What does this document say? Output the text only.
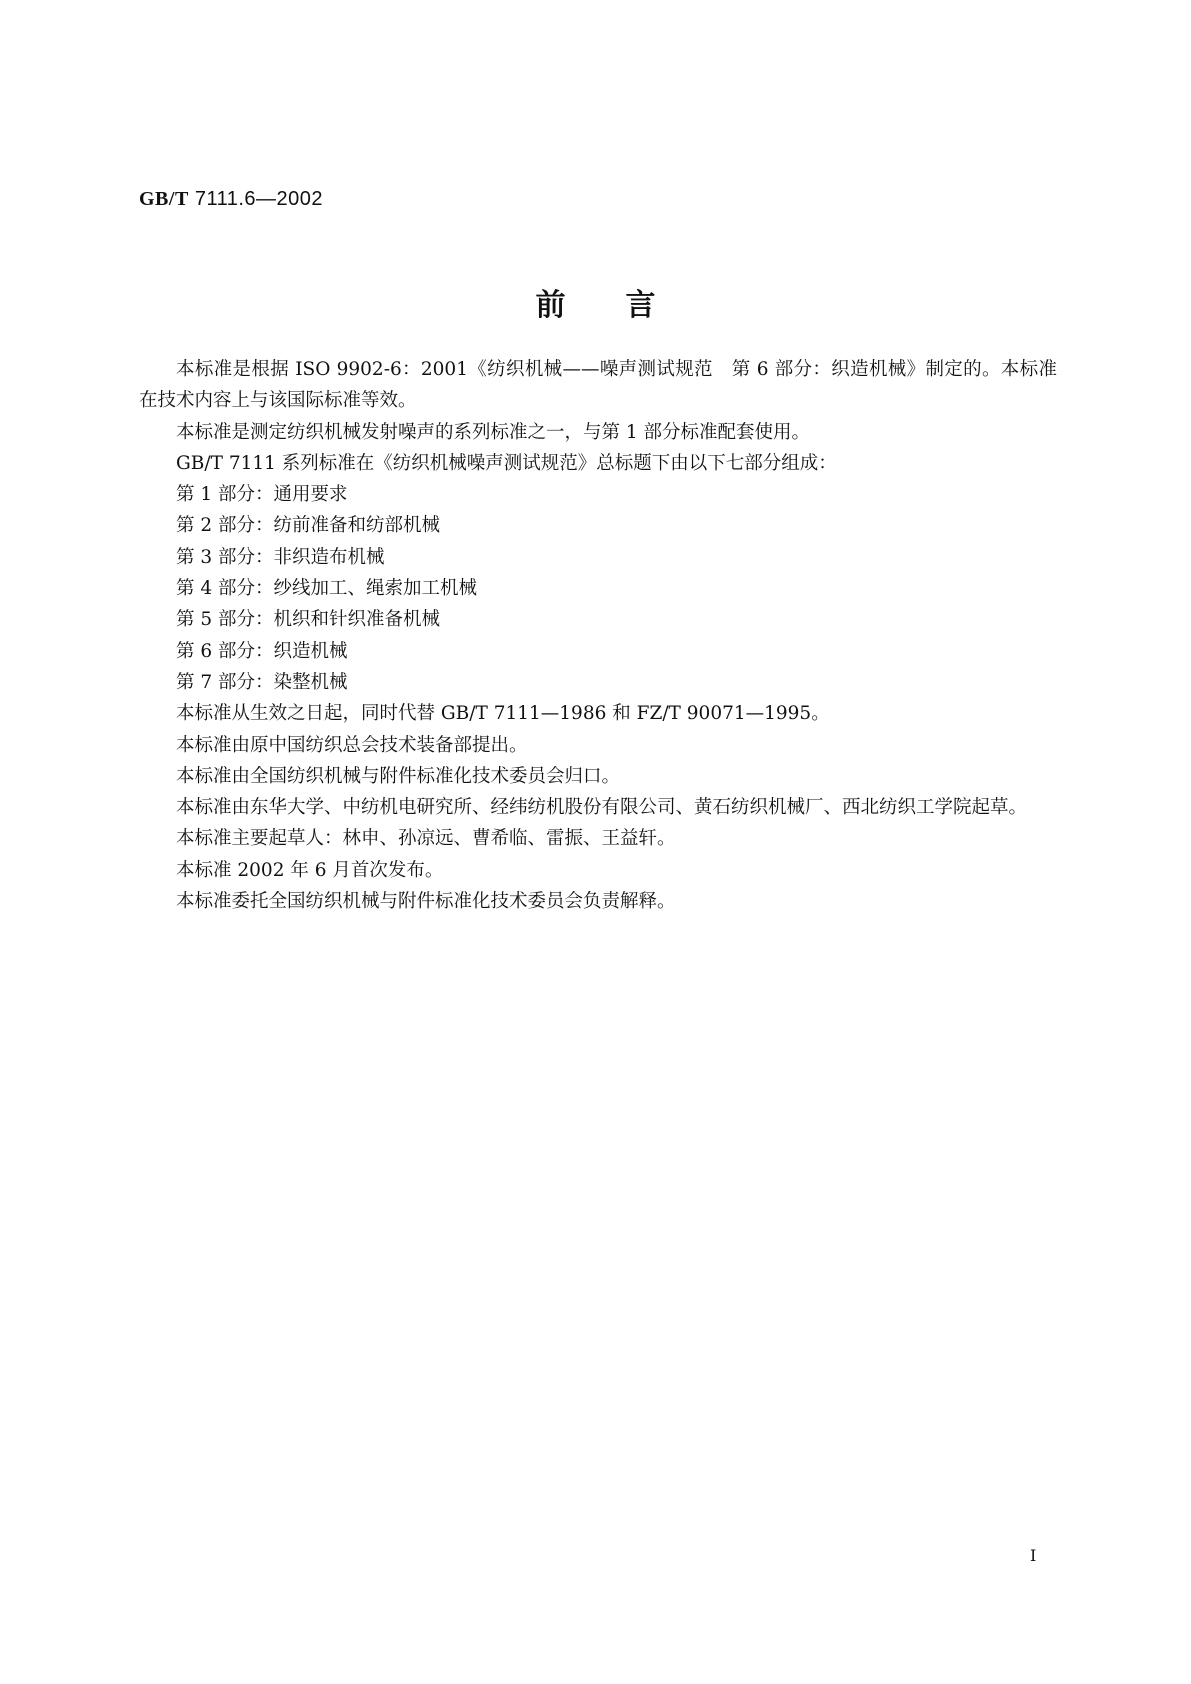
GB/T 7111.6—2002
前言

本标准是根据 ISO 9902-6：2001《纺织机械——噪声测试规范　第 6 部分：织造机械》制定的。本标准在技术内容上与该国际标准等效。

本标准是测定纺织机械发射噪声的系列标准之一，与第 1 部分标准配套使用。

GB/T 7111 系列标准在《纺织机械噪声测试规范》总标题下由以下七部分组成：

第 1 部分：通用要求

第 2 部分：纺前准备和纺部机械

第 3 部分：非织造布机械

第 4 部分：纱线加工、绳索加工机械

第 5 部分：机织和针织准备机械

第 6 部分：织造机械

第 7 部分：染整机械

本标准从生效之日起，同时代替 GB/T 7111—1986 和 FZ/T 90071—1995。

本标准由原中国纺织总会技术装备部提出。

本标准由全国纺织机械与附件标准化技术委员会归口。

本标准由东华大学、中纺机电研究所、经纬纺机股份有限公司、黄石纺织机械厂、西北纺织工学院起草。

本标准主要起草人：林申、孙凉远、曹希临、雷振、王益轩。

本标准 2002 年 6 月首次发布。

本标准委托全国纺织机械与附件标准化技术委员会负责解释。

I
